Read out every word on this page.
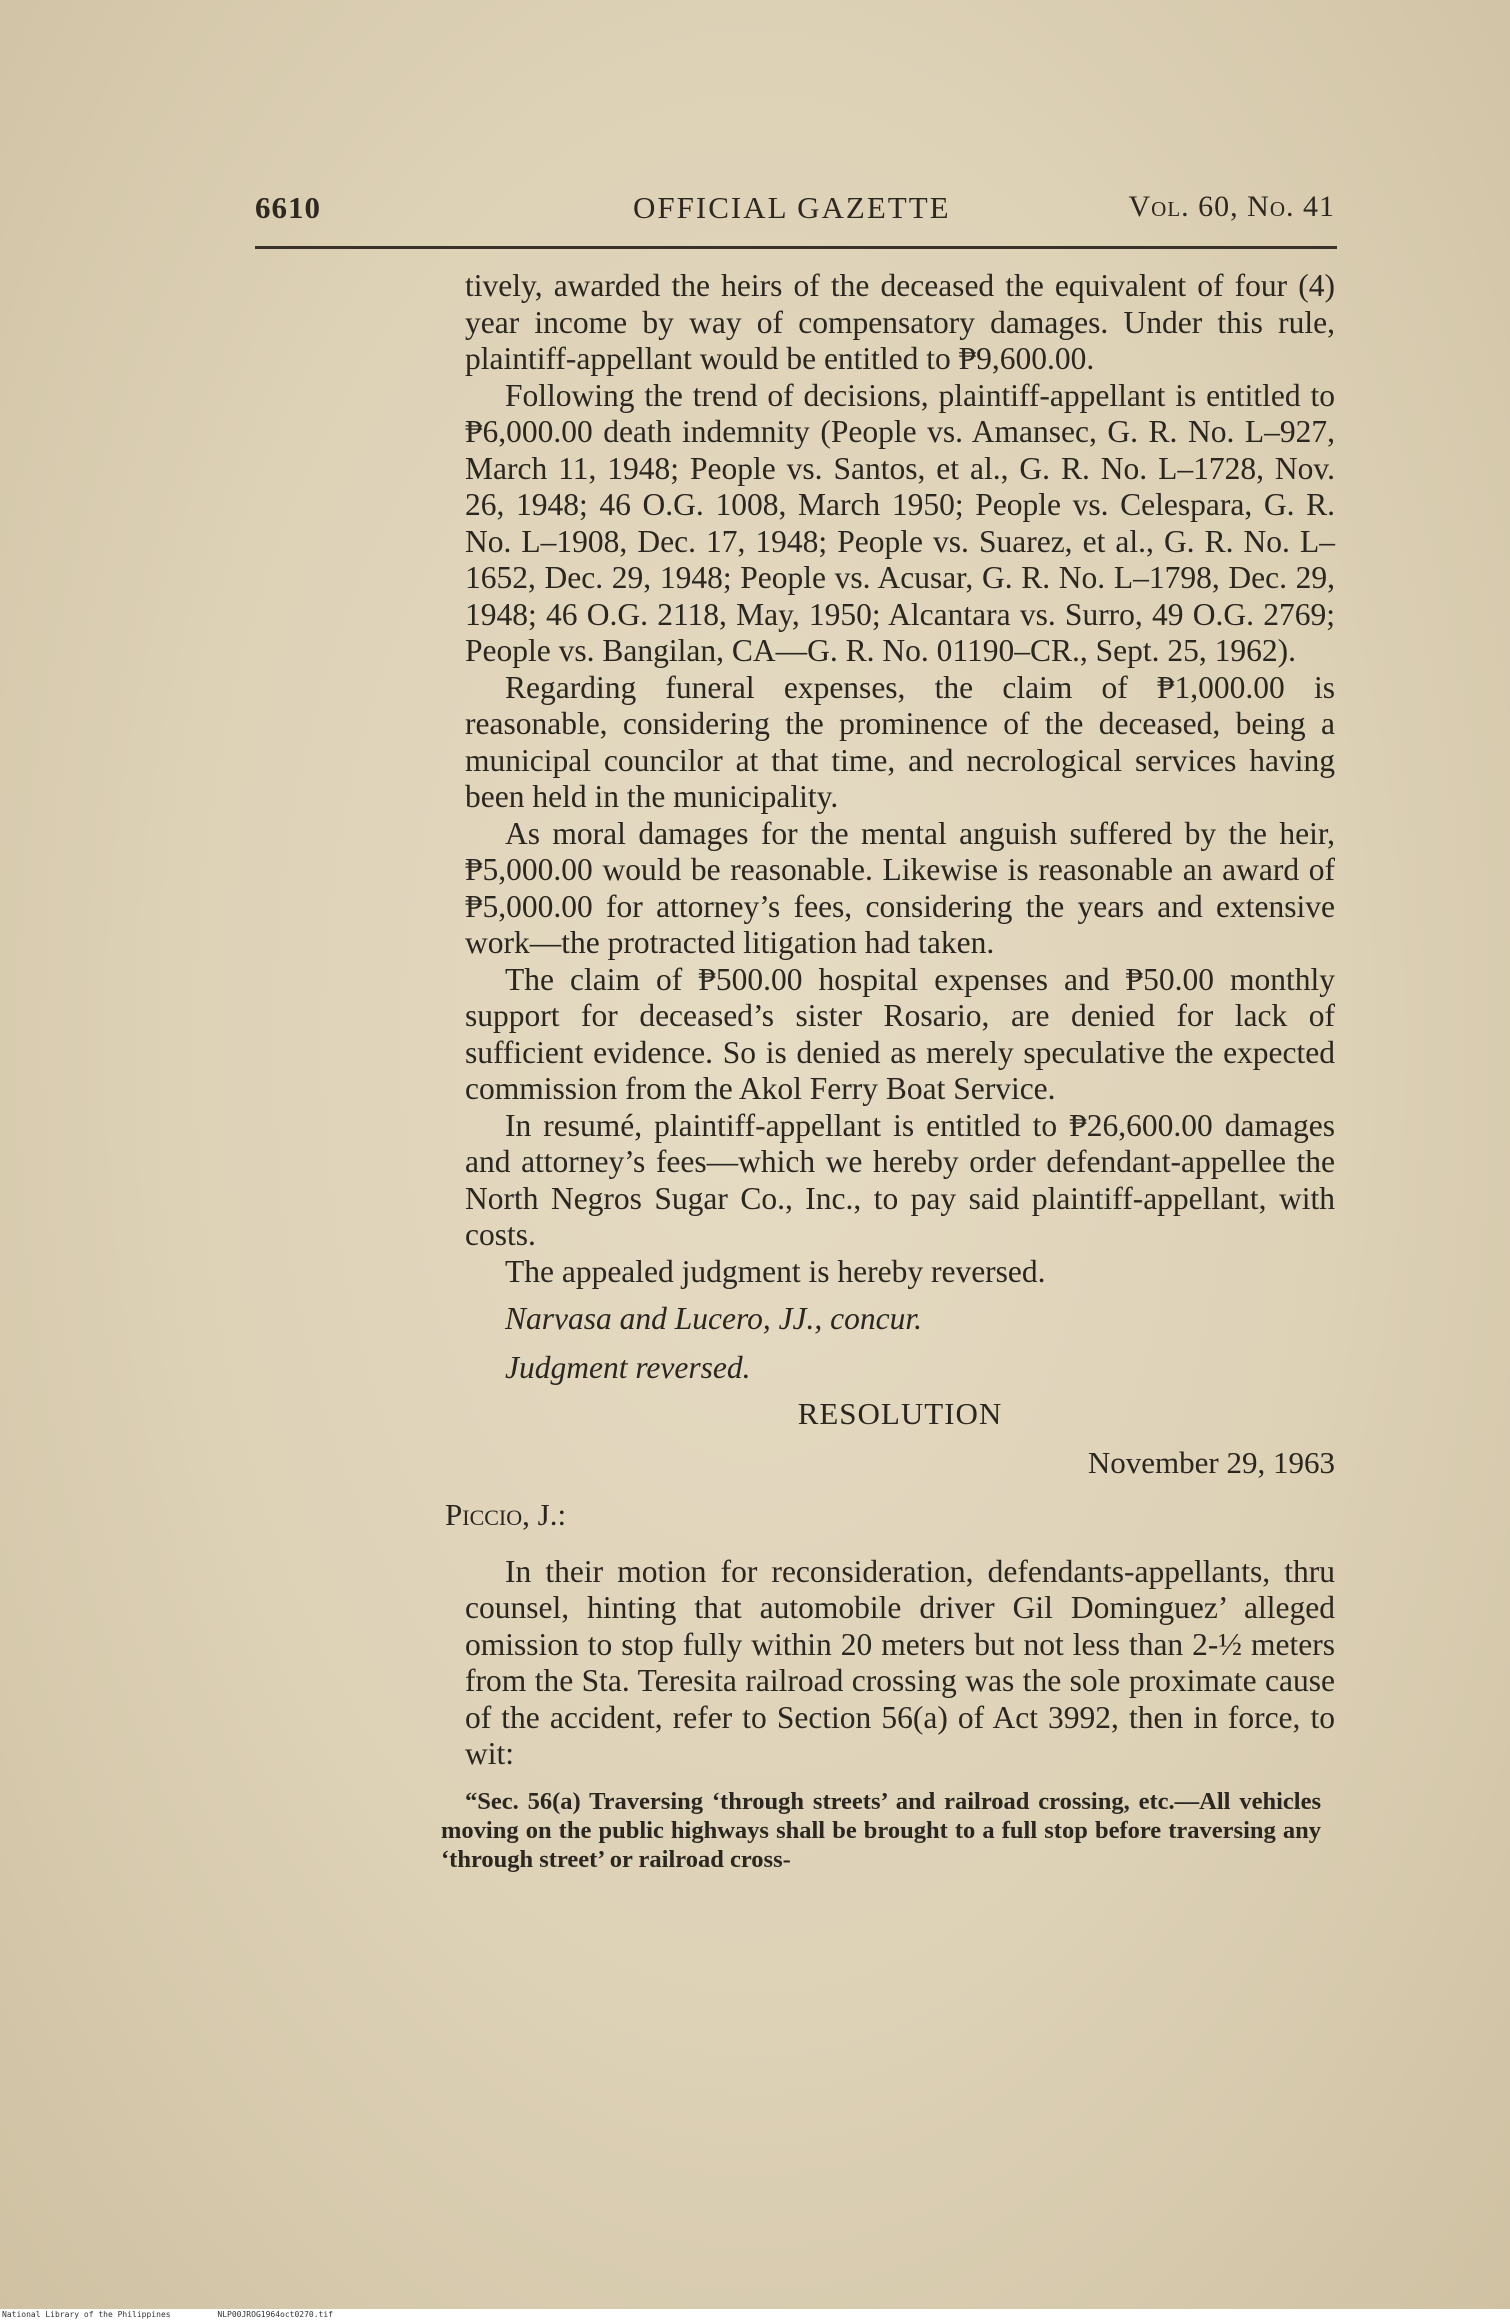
6610	OFFICIAL GAZETTE	Vol. 60, No. 41

tively, awarded the heirs of the deceased the equivalent of four (4) year income by way of compensatory damages. Under this rule, plaintiff-appellant would be entitled to ₱9,600.00.

Following the trend of decisions, plaintiff-appellant is entitled to ₱6,000.00 death indemnity (People vs. Amansec, G. R. No. L–927, March 11, 1948; People vs. Santos, et al., G. R. No. L–1728, Nov. 26, 1948; 46 O.G. 1008, March 1950; People vs. Celespara, G. R. No. L–1908, Dec. 17, 1948; People vs. Suarez, et al., G. R. No. L–1652, Dec. 29, 1948; People vs. Acusar, G. R. No. L–1798, Dec. 29, 1948; 46 O.G. 2118, May, 1950; Alcantara vs. Surro, 49 O.G. 2769; People vs. Bangilan, CA—G. R. No. 01190–CR., Sept. 25, 1962).

Regarding funeral expenses, the claim of ₱1,000.00 is reasonable, considering the prominence of the deceased, being a municipal councilor at that time, and necrological services having been held in the municipality.

As moral damages for the mental anguish suffered by the heir, ₱5,000.00 would be reasonable. Likewise is reasonable an award of ₱5,000.00 for attorney’s fees, considering the years and extensive work—the protracted litigation had taken.

The claim of ₱500.00 hospital expenses and ₱50.00 monthly support for deceased’s sister Rosario, are denied for lack of sufficient evidence. So is denied as merely speculative the expected commission from the Akol Ferry Boat Service.

In resumé, plaintiff-appellant is entitled to ₱26,600.00 damages and attorney’s fees—which we hereby order defendant-appellee the North Negros Sugar Co., Inc., to pay said plaintiff-appellant, with costs.

The appealed judgment is hereby reversed.

Narvasa and Lucero, JJ., concur.

Judgment reversed.

RESOLUTION
November 29, 1963
Piccio, J.:

In their motion for reconsideration, defendants-appellants, thru counsel, hinting that automobile driver Gil Dominguez’ alleged omission to stop fully within 20 meters but not less than 2-½ meters from the Sta. Teresita railroad crossing was the sole proximate cause of the accident, refer to Section 56(a) of Act 3992, then in force, to wit:

“Sec. 56(a) Traversing ‘through streets’ and railroad crossing, etc.—All vehicles moving on the public highways shall be brought to a full stop before traversing any ‘through street’ or railroad cross-
National Library of the Philippines	NLP00JROG1964oct0270.tif
